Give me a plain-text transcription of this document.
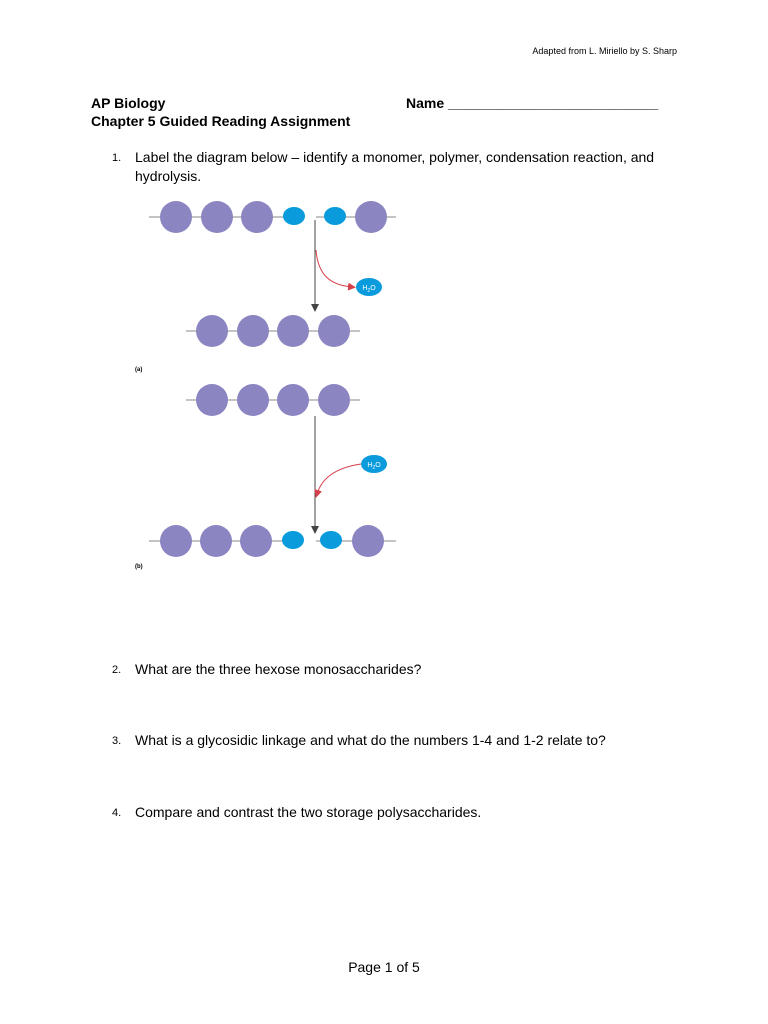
Adapted from L. Miriello by S. Sharp
AP Biology
Chapter 5 Guided Reading Assignment
Name ___________________________
1. Label the diagram below – identify a monomer, polymer, condensation reaction, and hydrolysis.
$H_2O$
(a)
$H_2O$
(b)
2. What are the three hexose monosaccharides?
3. What is a glycosidic linkage and what do the numbers 1-4 and 1-2 relate to?
4. Compare and contrast the two storage polysaccharides.
Page 1 of 5
